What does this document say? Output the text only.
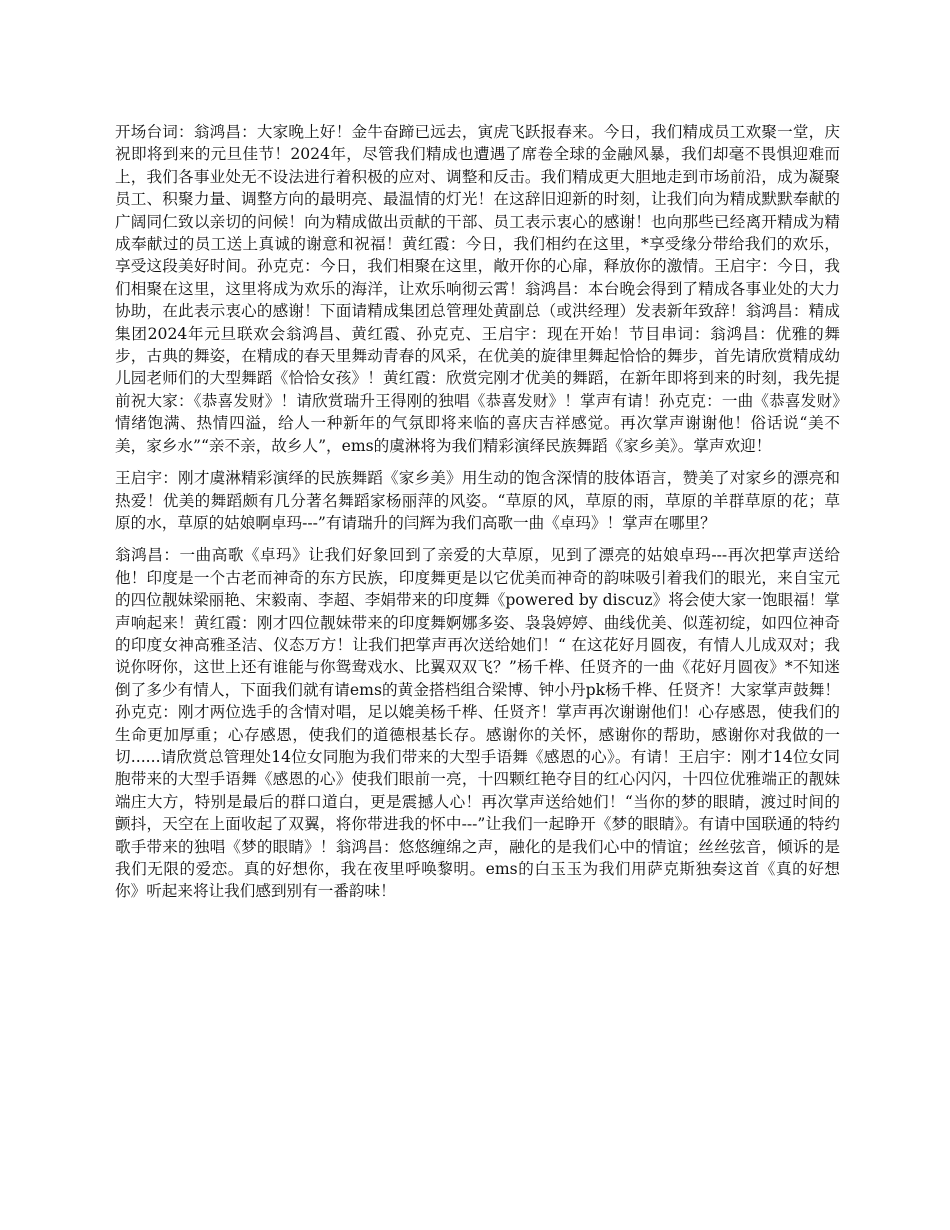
开场台词：翁鸿昌：大家晚上好！金牛奋蹄已远去，寅虎飞跃报春来。今日，我们精成员工欢聚一堂，庆祝即将到来的元旦佳节！2024年，尽管我们精成也遭遇了席卷全球的金融风暴，我们却毫不畏惧迎难而上，我们各事业处无不设法进行着积极的应对、调整和反击。我们精成更大胆地走到市场前沿，成为凝聚员工、积聚力量、调整方向的最明亮、最温情的灯光！在这辞旧迎新的时刻，让我们向为精成默默奉献的广阔同仁致以亲切的问候！向为精成做出贡献的干部、员工表示衷心的感谢！也向那些已经离开精成为精成奉献过的员工送上真诚的谢意和祝福！黄红霞：今日，我们相约在这里，*享受缘分带给我们的欢乐，享受这段美好时间。孙克克：今日，我们相聚在这里，敞开你的心扉，释放你的激情。王启宇：今日，我们相聚在这里，这里将成为欢乐的海洋，让欢乐响彻云霄！翁鸿昌：本台晚会得到了精成各事业处的大力协助，在此表示衷心的感谢！下面请精成集团总管理处黄副总（或洪经理）发表新年致辞！翁鸿昌：精成集团2024年元旦联欢会翁鸿昌、黄红霞、孙克克、王启宇：现在开始！节目串词：翁鸿昌：优雅的舞步，古典的舞姿，在精成的春天里舞动青春的风采，在优美的旋律里舞起恰恰的舞步，首先请欣赏精成幼儿园老师们的大型舞蹈《恰恰女孩》！黄红霞：欣赏完刚才优美的舞蹈，在新年即将到来的时刻，我先提前祝大家：《恭喜发财》！请欣赏瑞升王得刚的独唱《恭喜发财》！掌声有请！孙克克：一曲《恭喜发财》情绪饱满、热情四溢，给人一种新年的气氛即将来临的喜庆吉祥感觉。再次掌声谢谢他！俗话说“美不美，家乡水”“亲不亲，故乡人”，ems的虞淋将为我们精彩演绎民族舞蹈《家乡美》。掌声欢迎！

王启宇：刚才虞淋精彩演绎的民族舞蹈《家乡美》用生动的饱含深情的肢体语言，赞美了对家乡的漂亮和热爱！优美的舞蹈颇有几分著名舞蹈家杨丽萍的风姿。“草原的风，草原的雨，草原的羊群草原的花；草原的水，草原的姑娘啊卓玛---”有请瑞升的闫辉为我们高歌一曲《卓玛》！掌声在哪里？

翁鸿昌：一曲高歌《卓玛》让我们好象回到了亲爱的大草原，见到了漂亮的姑娘卓玛---再次把掌声送给他！印度是一个古老而神奇的东方民族，印度舞更是以它优美而神奇的韵味吸引着我们的眼光，来自宝元的四位靓妹梁丽艳、宋毅南、李超、李娟带来的印度舞《powered by discuz》将会使大家一饱眼福！掌声响起来！黄红霞：刚才四位靓妹带来的印度舞婀娜多姿、袅袅婷婷、曲线优美、似莲初绽，如四位神奇的印度女神高雅圣洁、仪态万方！让我们把掌声再次送给她们！“ 在这花好月圆夜，有情人儿成双对；我说你呀你，这世上还有谁能与你鸳鸯戏水、比翼双双飞？”杨千桦、任贤齐的一曲《花好月圆夜》*不知迷倒了多少有情人，下面我们就有请ems的黄金搭档组合梁博、钟小丹pk杨千桦、任贤齐！大家掌声鼓舞！孙克克：刚才两位选手的含情对唱，足以媲美杨千桦、任贤齐！掌声再次谢谢他们！心存感恩，使我们的生命更加厚重；心存感恩，使我们的道德根基长存。感谢你的关怀，感谢你的帮助，感谢你对我做的一切......请欣赏总管理处14位女同胞为我们带来的大型手语舞《感恩的心》。有请！王启宇：刚才14位女同胞带来的大型手语舞《感恩的心》使我们眼前一亮，十四颗红艳夺目的红心闪闪，十四位优雅端正的靓妹端庄大方，特别是最后的群口道白，更是震撼人心！再次掌声送给她们！“当你的梦的眼睛，渡过时间的颤抖，天空在上面收起了双翼，将你带进我的怀中---”让我们一起睁开《梦的眼睛》。有请中国联通的特约歌手带来的独唱《梦的眼睛》！翁鸿昌：悠悠缠绵之声，融化的是我们心中的情谊；丝丝弦音，倾诉的是我们无限的爱恋。真的好想你，我在夜里呼唤黎明。ems的白玉玉为我们用萨克斯独奏这首《真的好想你》听起来将让我们感到别有一番韵味！
